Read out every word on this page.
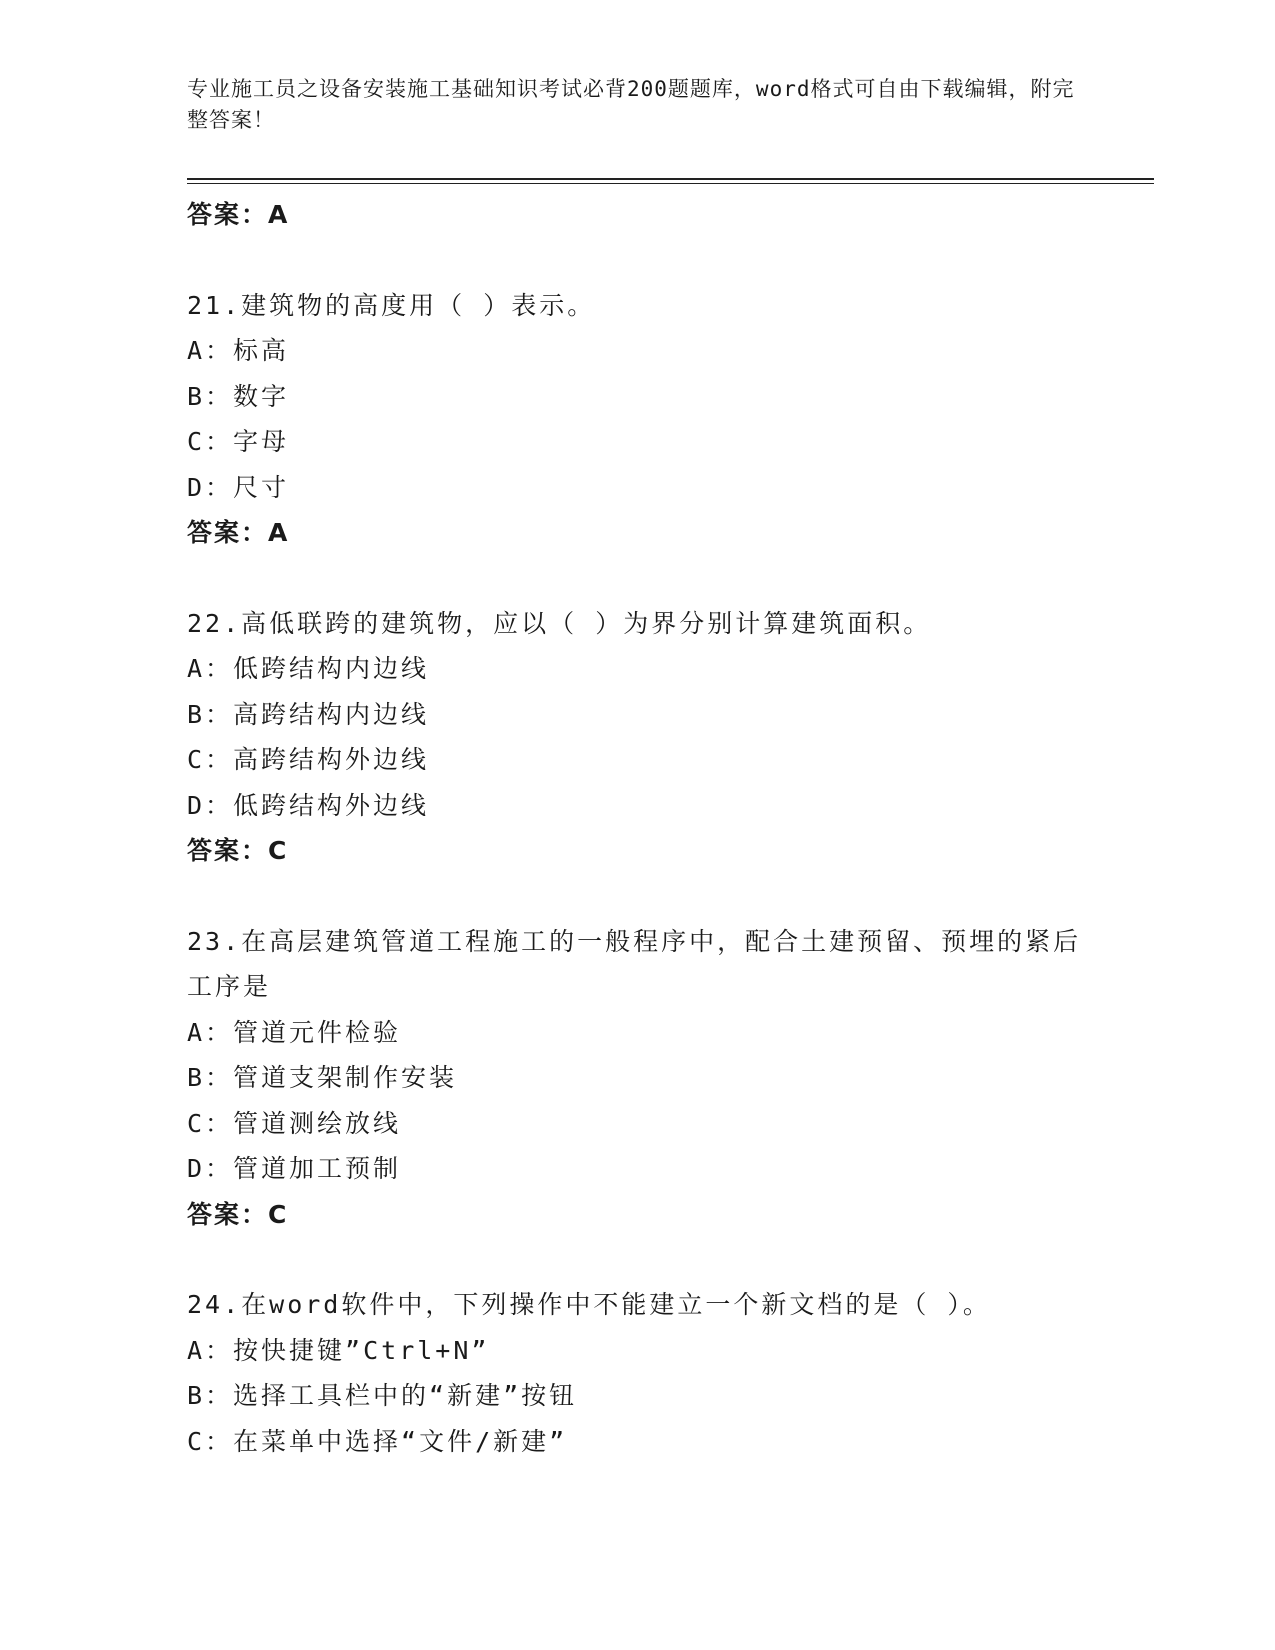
专业施工员之设备安装施工基础知识考试必背200题题库，word格式可自由下载编辑，附完整答案！
答案：A
21.建筑物的高度用（ ）表示。
A：标高
B：数字
C：字母
D：尺寸
答案：A
22.高低联跨的建筑物，应以（ ）为界分别计算建筑面积。
A：低跨结构内边线
B：高跨结构内边线
C：高跨结构外边线
D：低跨结构外边线
答案：C
23.在高层建筑管道工程施工的一般程序中，配合土建预留、预埋的紧后工序是
A：管道元件检验
B：管道支架制作安装
C：管道测绘放线
D：管道加工预制
答案：C
24.在word软件中，下列操作中不能建立一个新文档的是（ ）。
A：按快捷键”Ctrl+N”
B：选择工具栏中的“新建”按钮
C：在菜单中选择“文件/新建”
